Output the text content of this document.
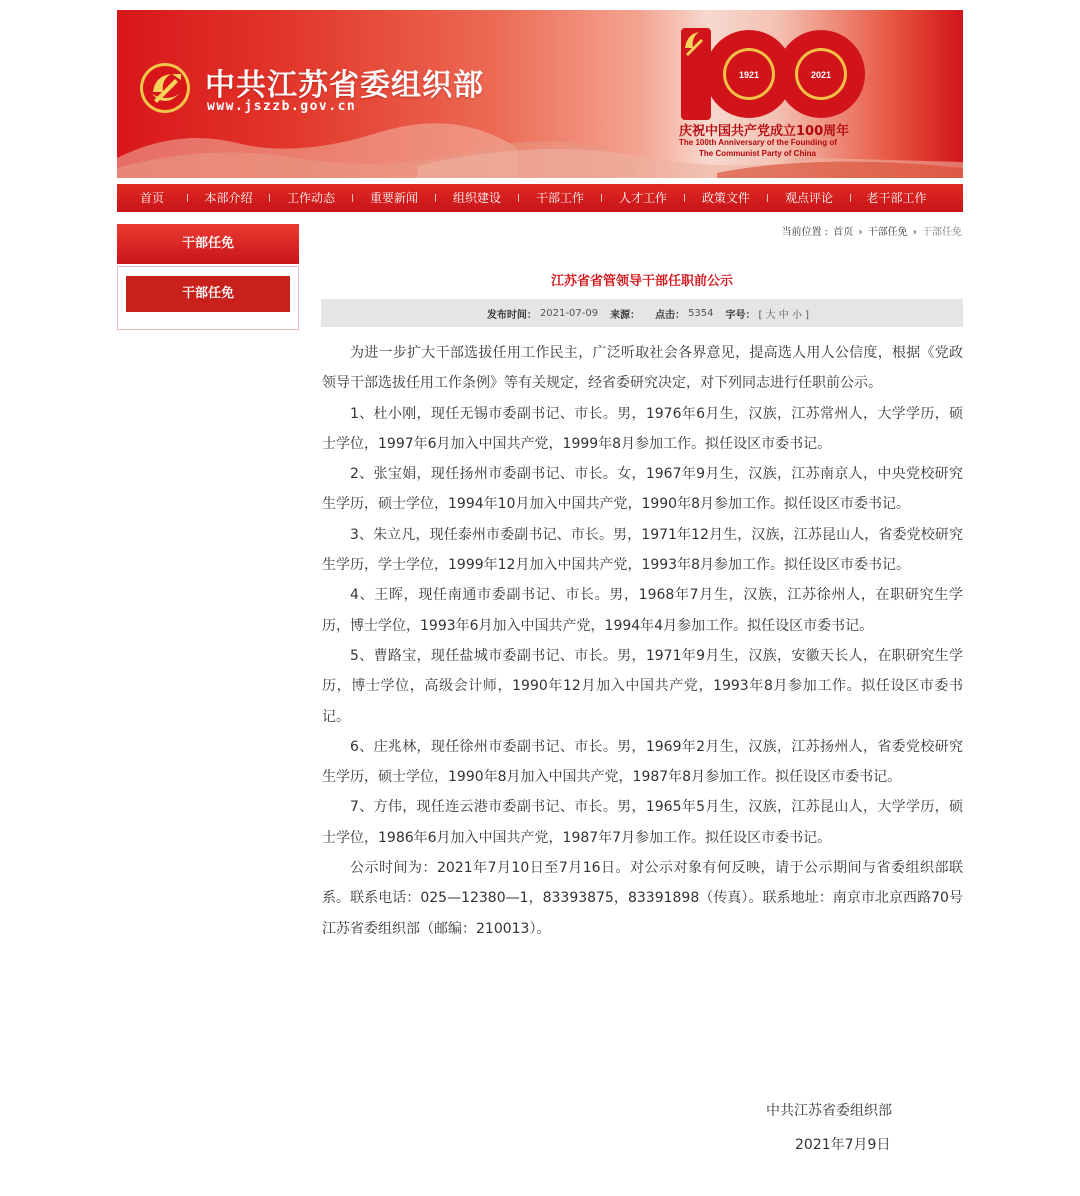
中共江苏省委组织部
www.jszzb.gov.cn
1921	2021
庆祝中国共产党成立100周年
The 100th Anniversary of the Founding of
The Communist Party of China
首页	本部介绍	工作动态	重要新闻	组织建设	干部工作	人才工作	政策文件	观点评论	老干部工作
干部任免
干部任免
当前位置 : 首页 › 干部任免 › 干部任免
江苏省省管领导干部任职前公示
发布时间： 2021-07-09 来源： 点击： 5354 字号： [ 大 中 小 ]

为进一步扩大干部选拔任用工作民主，广泛听取社会各界意见，提高选人用人公信度，根据《党政领导干部选拔任用工作条例》等有关规定，经省委研究决定，对下列同志进行任职前公示。

1、杜小刚，现任无锡市委副书记、市长。男，1976年6月生，汉族，江苏常州人，大学学历，硕士学位，1997年6月加入中国共产党，1999年8月参加工作。拟任设区市委书记。

2、张宝娟，现任扬州市委副书记、市长。女，1967年9月生，汉族，江苏南京人，中央党校研究生学历，硕士学位，1994年10月加入中国共产党，1990年8月参加工作。拟任设区市委书记。

3、朱立凡，现任泰州市委副书记、市长。男，1971年12月生，汉族，江苏昆山人，省委党校研究生学历，学士学位，1999年12月加入中国共产党，1993年8月参加工作。拟任设区市委书记。

4、王晖，现任南通市委副书记、市长。男，1968年7月生，汉族，江苏徐州人，在职研究生学历，博士学位，1993年6月加入中国共产党，1994年4月参加工作。拟任设区市委书记。

5、曹路宝，现任盐城市委副书记、市长。男，1971年9月生，汉族，安徽天长人，在职研究生学历，博士学位，高级会计师，1990年12月加入中国共产党，1993年8月参加工作。拟任设区市委书记。

6、庄兆林，现任徐州市委副书记、市长。男，1969年2月生，汉族，江苏扬州人，省委党校研究生学历，硕士学位，1990年8月加入中国共产党，1987年8月参加工作。拟任设区市委书记。

7、方伟，现任连云港市委副书记、市长。男，1965年5月生，汉族，江苏昆山人，大学学历，硕士学位，1986年6月加入中国共产党，1987年7月参加工作。拟任设区市委书记。

公示时间为：2021年7月10日至7月16日。对公示对象有何反映，请于公示期间与省委组织部联系。联系电话：025—12380—1，83393875，83391898（传真）。联系地址：南京市北京西路70号江苏省委组织部（邮编：210013）。

中共江苏省委组织部
2021年7月9日
